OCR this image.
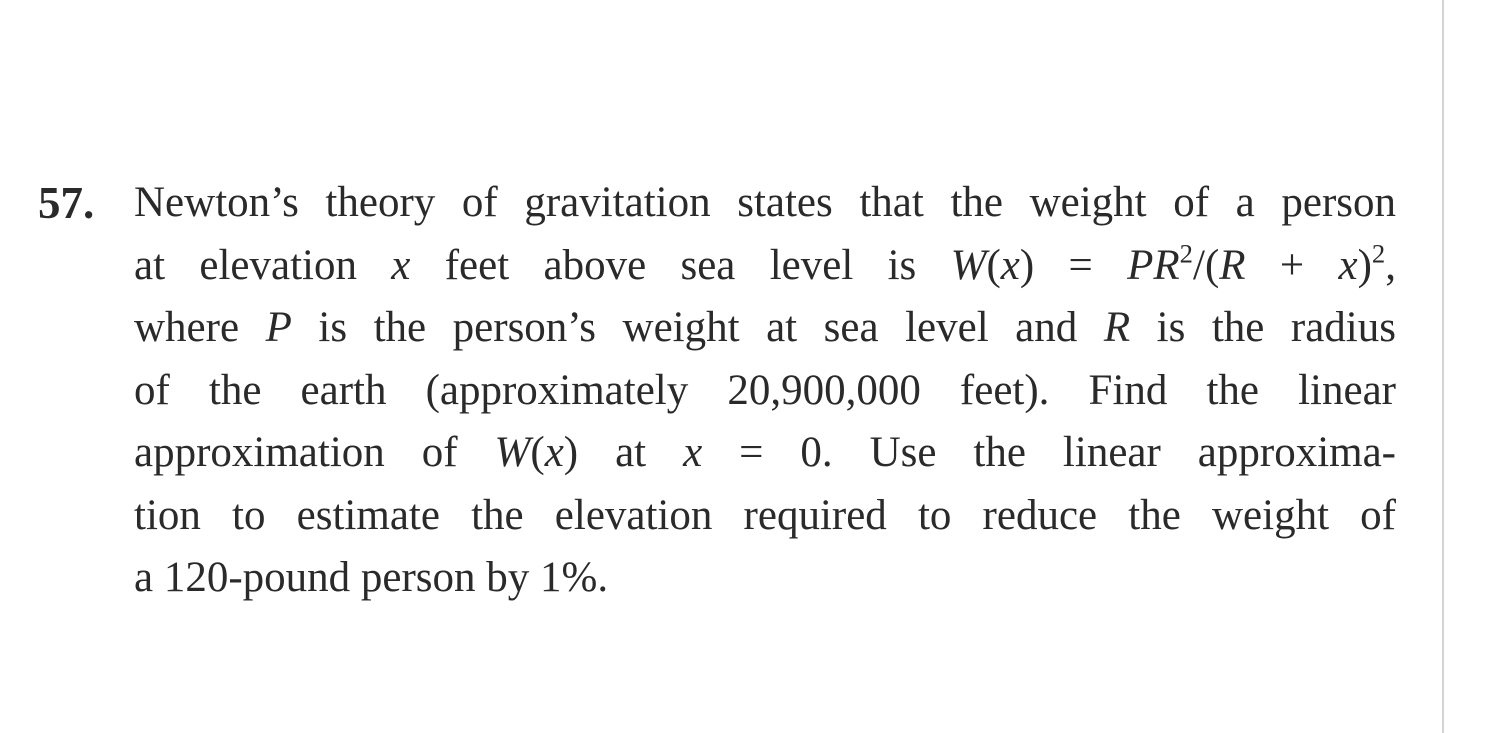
57. Newton’s theory of gravitation states that the weight of a person
at elevation x feet above sea level is $W(x) = PR^2/(R + x)^2$,
where P is the person’s weight at sea level and R is the radius
of the earth (approximately 20,900,000 feet). Find the linear
approximation of W(x) at x = 0. Use the linear approxima-
tion to estimate the elevation required to reduce the weight of
a 120-pound person by 1%.
